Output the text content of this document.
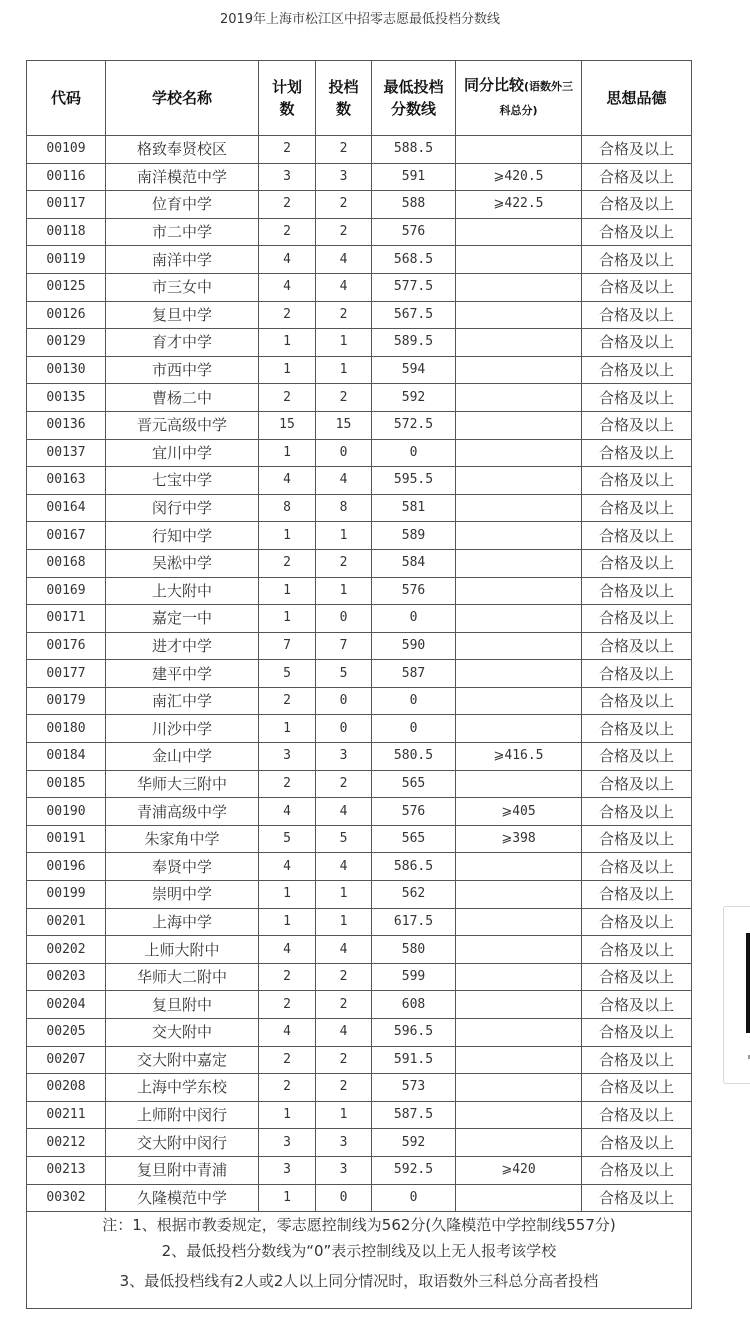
2019年上海市松江区中招零志愿最低投档分数线
代码	学校名称	计划数	投档数	最低投档分数线	同分比较(语数外三科总分)	思想品德
00109	格致奉贤校区	2	2	588.5		合格及以上
00116	南洋模范中学	3	3	591	⩾420.5	合格及以上
00117	位育中学	2	2	588	⩾422.5	合格及以上
00118	市二中学	2	2	576		合格及以上
00119	南洋中学	4	4	568.5		合格及以上
00125	市三女中	4	4	577.5		合格及以上
00126	复旦中学	2	2	567.5		合格及以上
00129	育才中学	1	1	589.5		合格及以上
00130	市西中学	1	1	594		合格及以上
00135	曹杨二中	2	2	592		合格及以上
00136	晋元高级中学	15	15	572.5		合格及以上
00137	宜川中学	1	0	0		合格及以上
00163	七宝中学	4	4	595.5		合格及以上
00164	闵行中学	8	8	581		合格及以上
00167	行知中学	1	1	589		合格及以上
00168	吴淞中学	2	2	584		合格及以上
00169	上大附中	1	1	576		合格及以上
00171	嘉定一中	1	0	0		合格及以上
00176	进才中学	7	7	590		合格及以上
00177	建平中学	5	5	587		合格及以上
00179	南汇中学	2	0	0		合格及以上
00180	川沙中学	1	0	0		合格及以上
00184	金山中学	3	3	580.5	⩾416.5	合格及以上
00185	华师大三附中	2	2	565		合格及以上
00190	青浦高级中学	4	4	576	⩾405	合格及以上
00191	朱家角中学	5	5	565	⩾398	合格及以上
00196	奉贤中学	4	4	586.5		合格及以上
00199	崇明中学	1	1	562		合格及以上
00201	上海中学	1	1	617.5		合格及以上
00202	上师大附中	4	4	580		合格及以上
00203	华师大二附中	2	2	599		合格及以上
00204	复旦附中	2	2	608		合格及以上
00205	交大附中	4	4	596.5		合格及以上
00207	交大附中嘉定	2	2	591.5		合格及以上
00208	上海中学东校	2	2	573		合格及以上
00211	上师附中闵行	1	1	587.5		合格及以上
00212	交大附中闵行	3	3	592		合格及以上
00213	复旦附中青浦	3	3	592.5	⩾420	合格及以上
00302	久隆模范中学	1	0	0		合格及以上
注：1、根据市教委规定，零志愿控制线为562分(久隆模范中学控制线557分)						
2、最低投档分数线为“0”表示控制线及以上无人报考该学校						
3、最低投档线有2人或2人以上同分情况时，取语数外三科总分高者投档						
